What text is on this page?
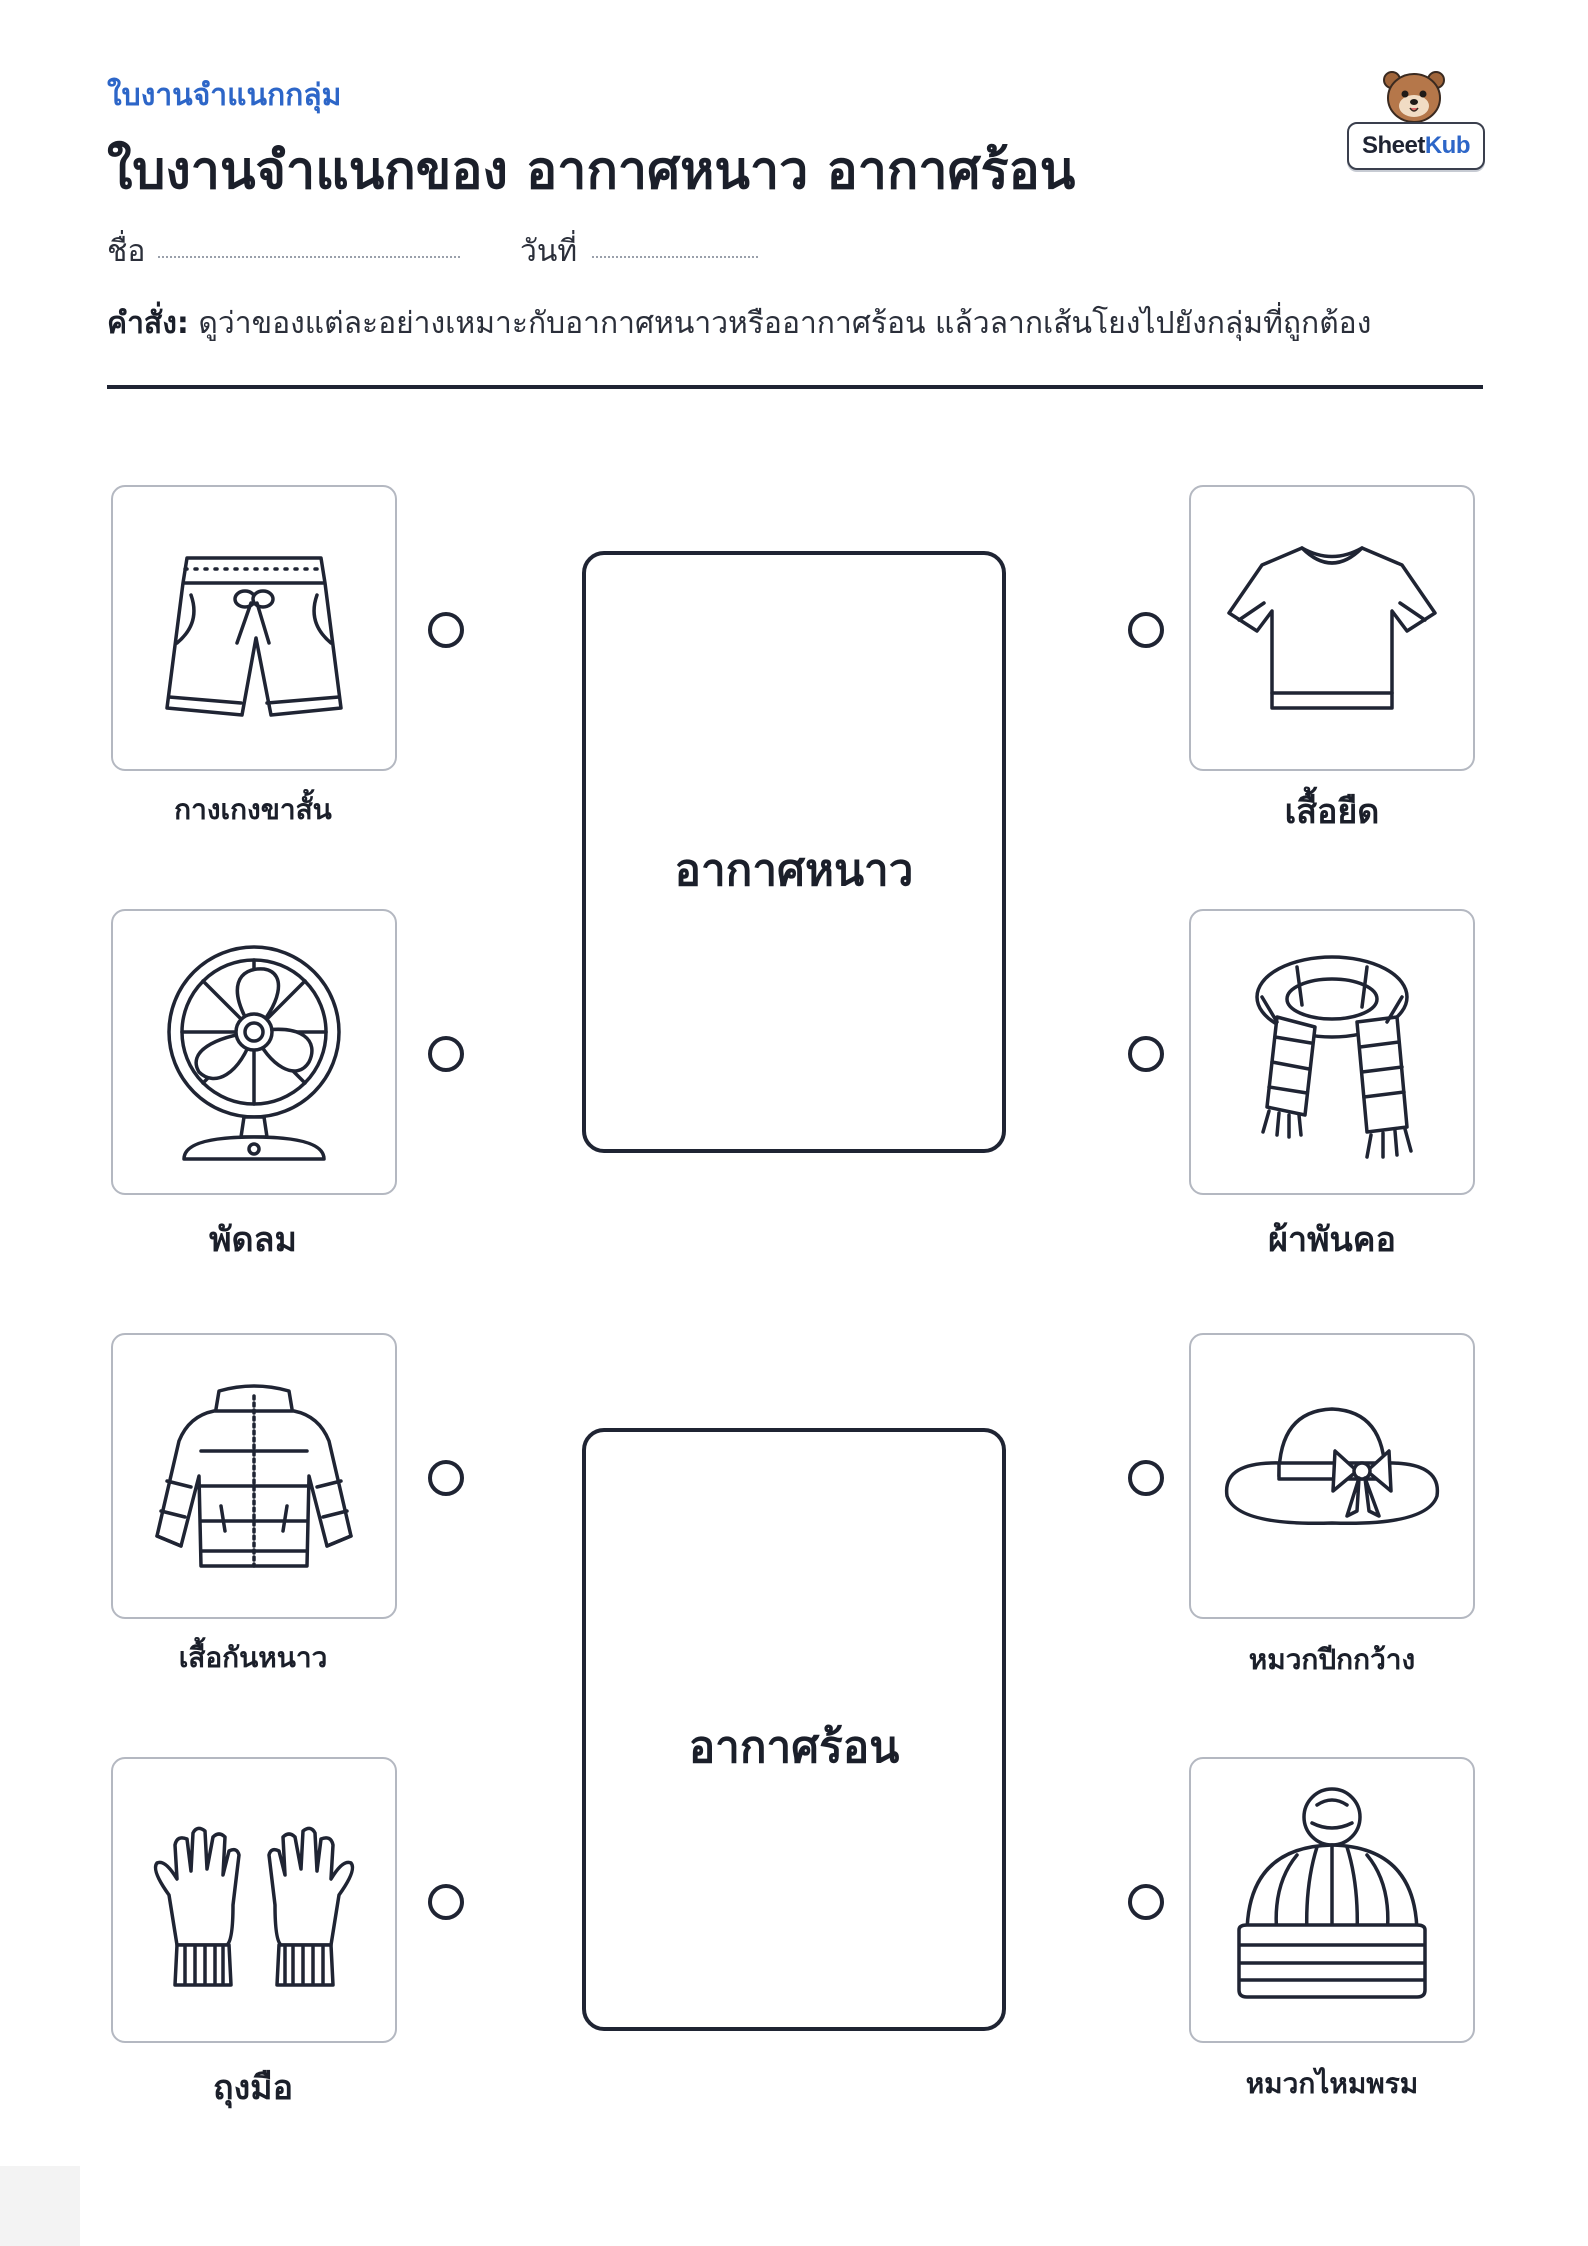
ใบงานจำแนกกลุ่ม
ใบงานจำแนกของ อากาศหนาว อากาศร้อน	Sheet Kub
ชื่อ	วันที่
คำสั่ง: ดูว่าของแต่ละอย่างเหมาะกับอากาศหนาวหรืออากาศร้อน แล้วลากเส้นโยงไปยังกลุ่มที่ถูกต้อง
อากาศหนาว
อากาศร้อน
กางเกงขาสั้น
พัดลม
เสื้อกันหนาว
ถุงมือ
เสื้อยืด
ผ้าพันคอ
หมวกปีกกว้าง
หมวกไหมพรม
